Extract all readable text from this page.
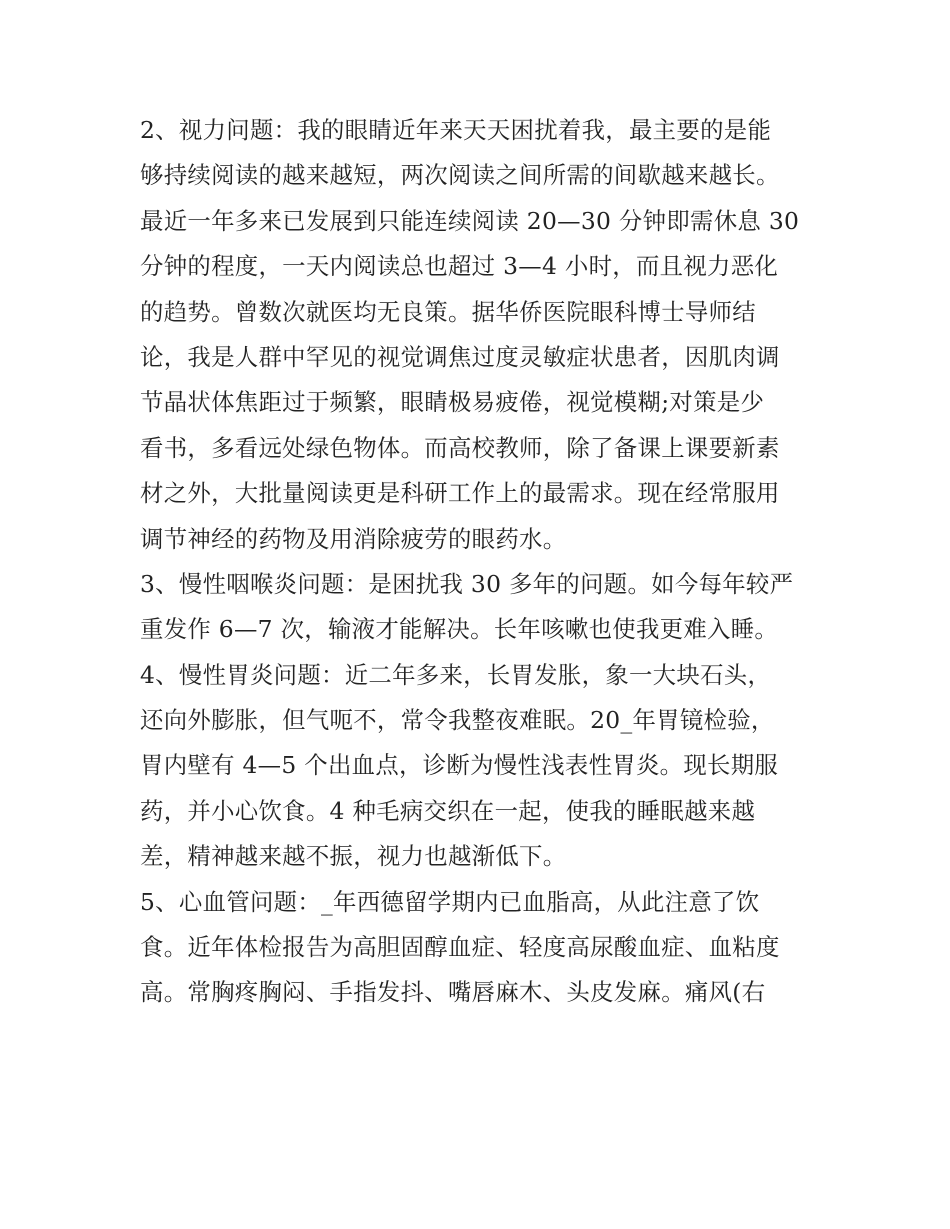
2、视力问题：我的眼睛近年来天天困扰着我，最主要的是能
够持续阅读的越来越短，两次阅读之间所需的间歇越来越长。
最近一年多来已发展到只能连续阅读 20—30 分钟即需休息 30
分钟的程度，一天内阅读总也超过 3—4 小时，而且视力恶化
的趋势。曾数次就医均无良策。据华侨医院眼科博士导师结
论，我是人群中罕见的视觉调焦过度灵敏症状患者，因肌肉调
节晶状体焦距过于频繁，眼睛极易疲倦，视觉模糊;对策是少
看书，多看远处绿色物体。而高校教师，除了备课上课要新素
材之外，大批量阅读更是科研工作上的最需求。现在经常服用
调节神经的药物及用消除疲劳的眼药水。
3、慢性咽喉炎问题：是困扰我 30 多年的问题。如今每年较严
重发作 6—7 次，输液才能解决。长年咳嗽也使我更难入睡。
4、慢性胃炎问题：近二年多来，长胃发胀，象一大块石头，
还向外膨胀，但气呃不，常令我整夜难眠。20_年胃镜检验，
胃内壁有 4—5 个出血点，诊断为慢性浅表性胃炎。现长期服
药，并小心饮食。4 种毛病交织在一起，使我的睡眠越来越
差，精神越来越不振，视力也越渐低下。
5、心血管问题：_年西德留学期内已血脂高，从此注意了饮
食。近年体检报告为高胆固醇血症、轻度高尿酸血症、血粘度
高。常胸疼胸闷、手指发抖、嘴唇麻木、头皮发麻。痛风(右
